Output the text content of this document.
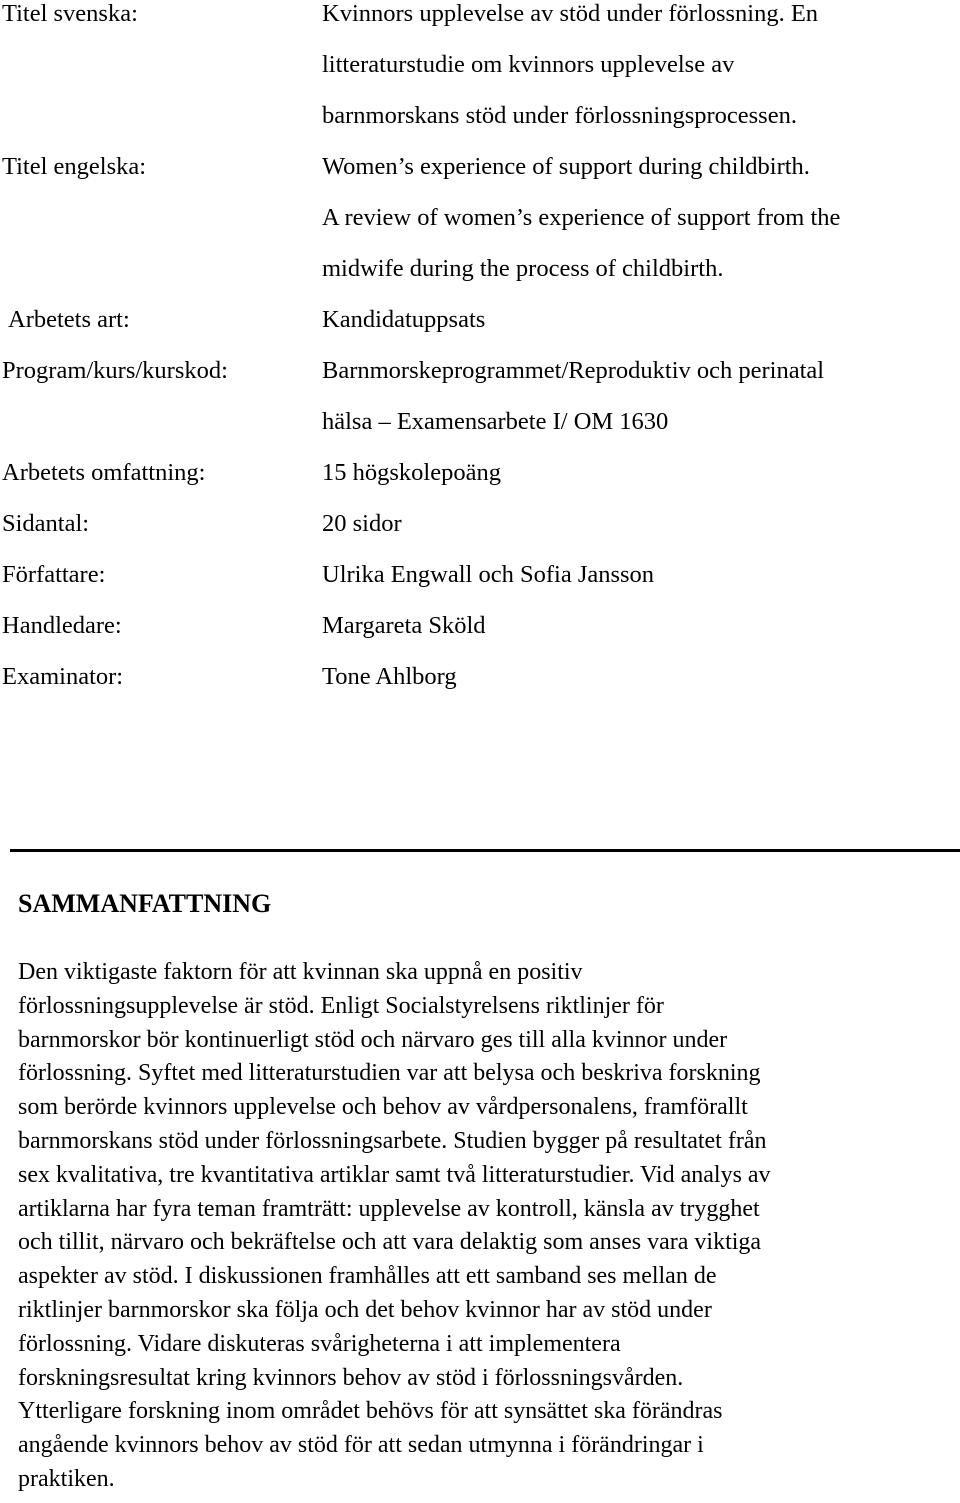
Titel svenska:	Kvinnors upplevelse av stöd under förlossning. En
litteraturstudie om kvinnors upplevelse av
barnmorskans stöd under förlossningsprocessen.
Titel engelska:	Women’s experience of support during childbirth.
A review of women’s experience of support from the
midwife during the process of childbirth.
Arbetets art:	Kandidatuppsats
Program/kurs/kurskod:	Barnmorskeprogrammet/Reproduktiv och perinatal
hälsa – Examensarbete I/ OM 1630
Arbetets omfattning:	15 högskolepoäng
Sidantal:	20 sidor
Författare:	Ulrika Engwall och Sofia Jansson
Handledare:	Margareta Sköld
Examinator:	Tone Ahlborg
SAMMANFATTNING
Den viktigaste faktorn för att kvinnan ska uppnå en positiv
förlossningsupplevelse är stöd. Enligt Socialstyrelsens riktlinjer för
barnmorskor bör kontinuerligt stöd och närvaro ges till alla kvinnor under
förlossning. Syftet med litteraturstudien var att belysa och beskriva forskning
som berörde kvinnors upplevelse och behov av vårdpersonalens, framförallt
barnmorskans stöd under förlossningsarbete. Studien bygger på resultatet från
sex kvalitativa, tre kvantitativa artiklar samt två litteraturstudier. Vid analys av
artiklarna har fyra teman framträtt: upplevelse av kontroll, känsla av trygghet
och tillit, närvaro och bekräftelse och att vara delaktig som anses vara viktiga
aspekter av stöd. I diskussionen framhålles att ett samband ses mellan de
riktlinjer barnmorskor ska följa och det behov kvinnor har av stöd under
förlossning. Vidare diskuteras svårigheterna i att implementera
forskningsresultat kring kvinnors behov av stöd i förlossningsvården.
Ytterligare forskning inom området behövs för att synsättet ska förändras
angående kvinnors behov av stöd för att sedan utmynna i förändringar i
praktiken.
